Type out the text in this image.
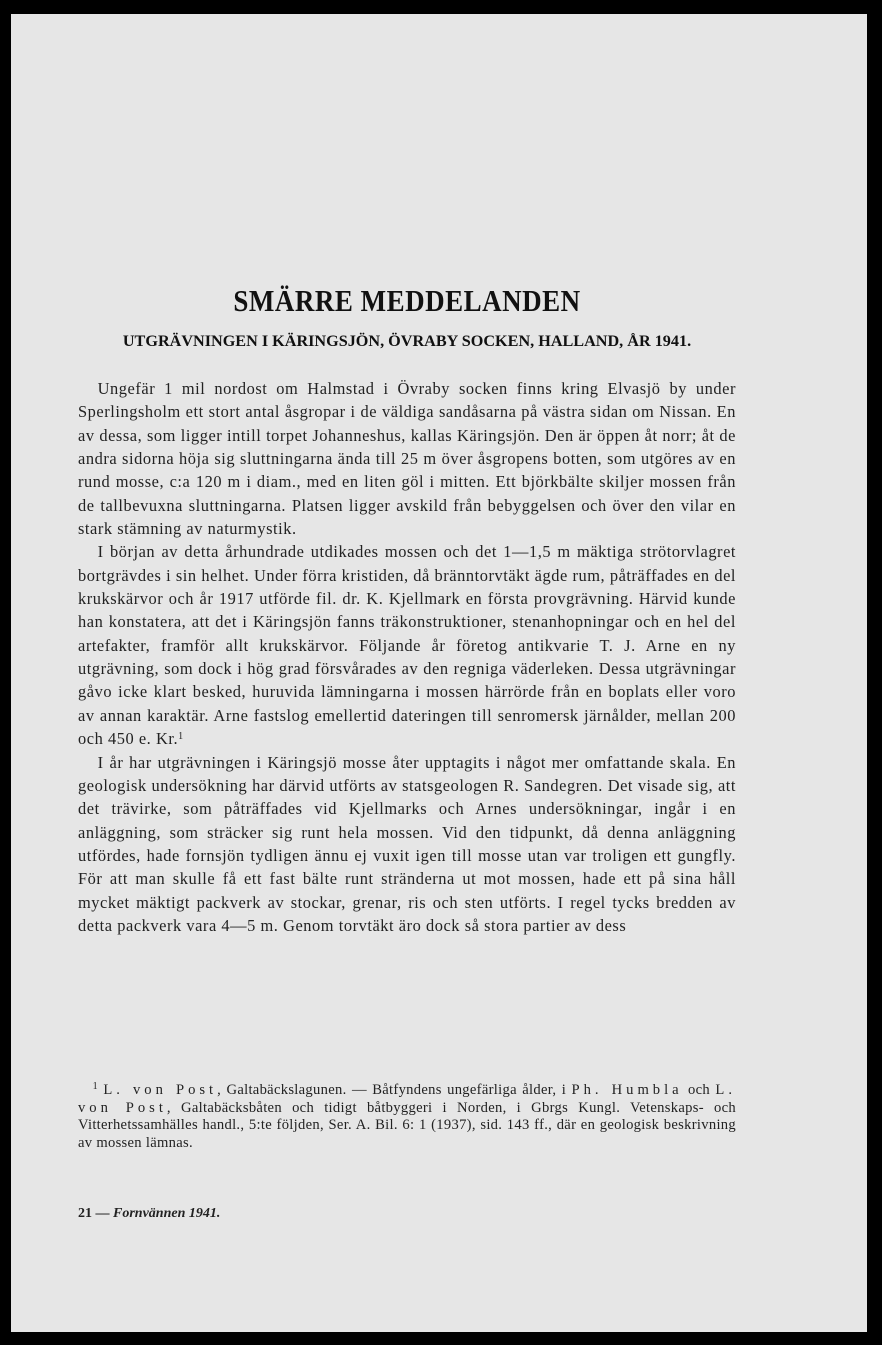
SMÄRRE MEDDELANDEN
UTGRÄVNINGEN I KÄRINGSJÖN, ÖVRABY SOCKEN, HALLAND, ÅR 1941.

Ungefär 1 mil nordost om Halmstad i Övraby socken finns kring Elvasjö by under Sperlingsholm ett stort antal åsgropar i de väldiga sandåsarna på västra sidan om Nissan. En av dessa, som ligger intill torpet Johanneshus, kallas Käringsjön. Den är öppen åt norr; åt de andra sidorna höja sig sluttningarna ända till 25 m över åsgropens botten, som utgöres av en rund mosse, c:a 120 m i diam., med en liten göl i mitten. Ett björkbälte skiljer mossen från de tallbevuxna sluttningarna. Platsen ligger avskild från bebyggelsen och över den vilar en stark stämning av naturmystik.

I början av detta århundrade utdikades mossen och det 1—1,5 m mäktiga strötorvlagret bortgrävdes i sin helhet. Under förra kristiden, då bränntorvtäkt ägde rum, påträffades en del krukskärvor och år 1917 utförde fil. dr. K. Kjellmark en första provgrävning. Härvid kunde han konstatera, att det i Käringsjön fanns träkonstruktioner, stenanhopningar och en hel del artefakter, framför allt krukskärvor. Följande år företog antikvarie T. J. Arne en ny utgrävning, som dock i hög grad försvårades av den regniga väderleken. Dessa utgrävningar gåvo icke klart besked, huruvida lämningarna i mossen härrörde från en boplats eller voro av annan karaktär. Arne fastslog emellertid dateringen till senromersk järnålder, mellan 200 och 450 e. Kr.$^1$

I år har utgrävningen i Käringsjö mosse åter upptagits i något mer omfattande skala. En geologisk undersökning har därvid utförts av statsgeologen R. Sandegren. Det visade sig, att det trävirke, som påträffades vid Kjellmarks och Arnes undersökningar, ingår i en anläggning, som sträcker sig runt hela mossen. Vid den tidpunkt, då denna anläggning utfördes, hade fornsjön tydligen ännu ej vuxit igen till mosse utan var troligen ett gungfly. För att man skulle få ett fast bälte runt stränderna ut mot mossen, hade ett på sina håll mycket mäktigt packverk av stockar, grenar, ris och sten utförts. I regel tycks bredden av detta packverk vara 4—5 m. Genom torvtäkt äro dock så stora partier av dess

$^1$ L. von Post, Galtabäckslagunen. — Båtfyndens ungefärliga ålder, i Ph. Humbla och L. von Post, Galtabäcksbåten och tidigt båtbyggeri i Norden, i Gbrgs Kungl. Vetenskaps- och Vitterhetssamhälles handl., 5:te följden, Ser. A. Bil. 6: 1 (1937), sid. 143 ff., där en geologisk beskrivning av mossen lämnas.

21 — Fornvännen 1941.
